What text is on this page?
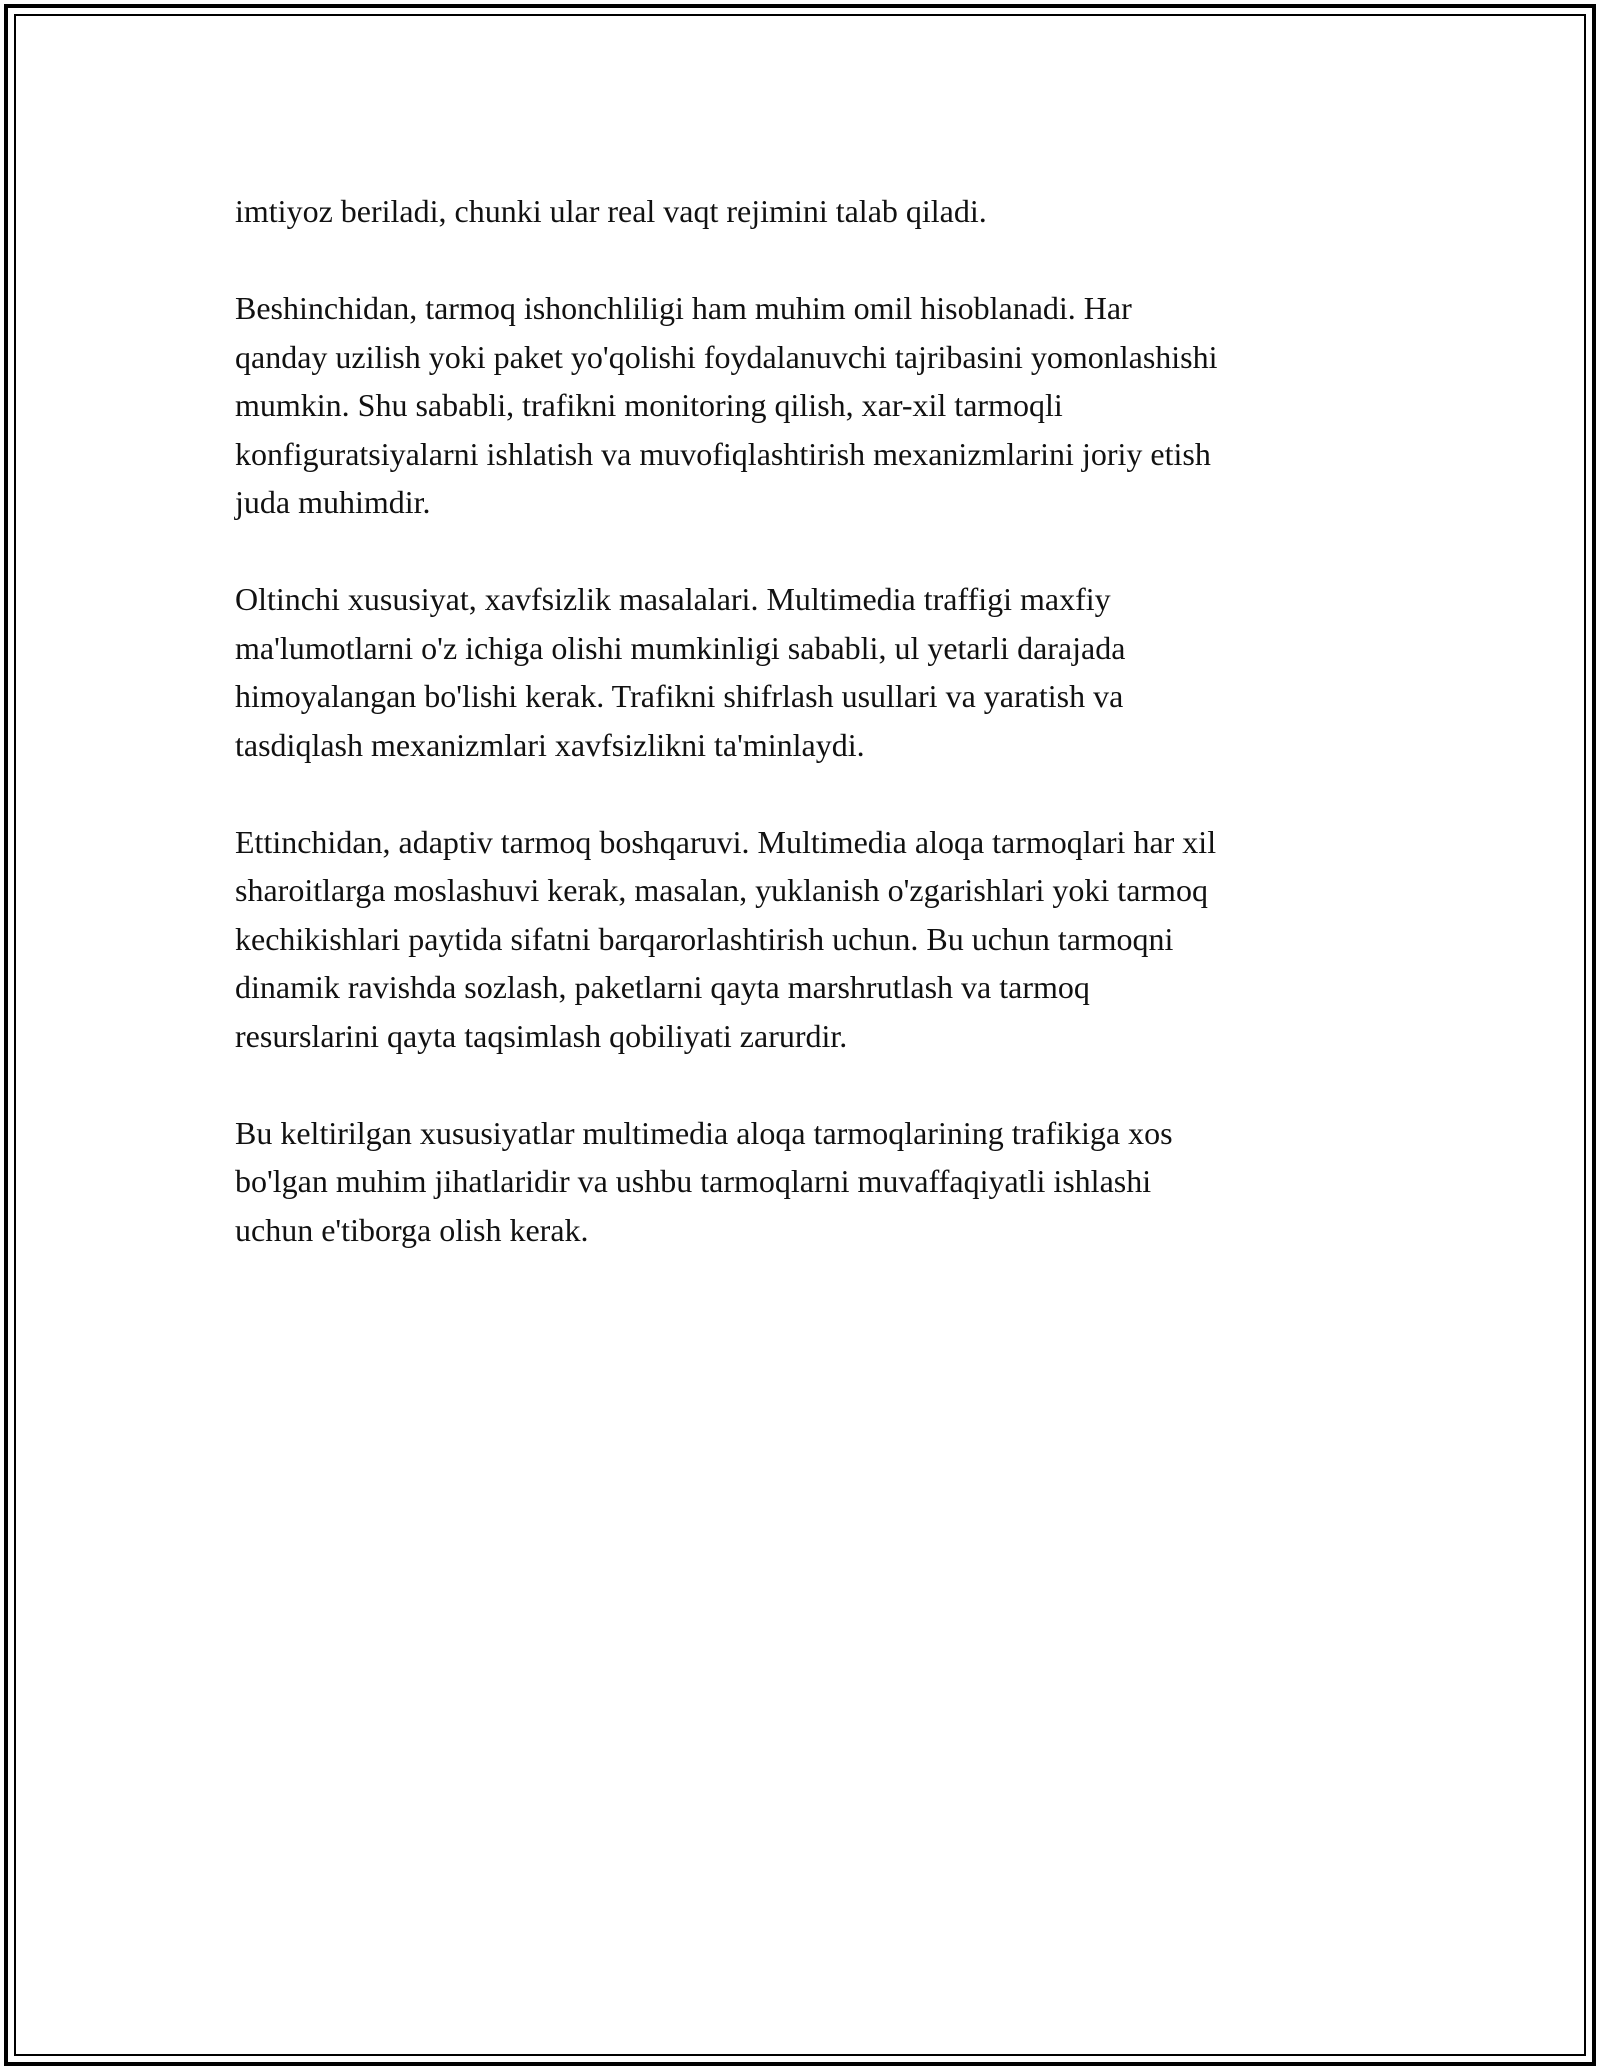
imtiyoz beriladi, chunki ular real vaqt rejimini talab qiladi.

Beshinchidan, tarmoq ishonchliligi ham muhim omil hisoblanadi. Har
qanday uzilish yoki paket yo'qolishi foydalanuvchi tajribasini yomonlashishi
mumkin. Shu sababli, trafikni monitoring qilish, xar-xil tarmoqli
konfiguratsiyalarni ishlatish va muvofiqlashtirish mexanizmlarini joriy etish
juda muhimdir.

Oltinchi xususiyat, xavfsizlik masalalari. Multimedia traffigi maxfiy
ma'lumotlarni o'z ichiga olishi mumkinligi sababli, ul yetarli darajada
himoyalangan bo'lishi kerak. Trafikni shifrlash usullari va yaratish va
tasdiqlash mexanizmlari xavfsizlikni ta'minlaydi.

Ettinchidan, adaptiv tarmoq boshqaruvi. Multimedia aloqa tarmoqlari har xil
sharoitlarga moslashuvi kerak, masalan, yuklanish o'zgarishlari yoki tarmoq
kechikishlari paytida sifatni barqarorlashtirish uchun. Bu uchun tarmoqni
dinamik ravishda sozlash, paketlarni qayta marshrutlash va tarmoq
resurslarini qayta taqsimlash qobiliyati zarurdir.

Bu keltirilgan xususiyatlar multimedia aloqa tarmoqlarining trafikiga xos
bo'lgan muhim jihatlaridir va ushbu tarmoqlarni muvaffaqiyatli ishlashi
uchun e'tiborga olish kerak.
